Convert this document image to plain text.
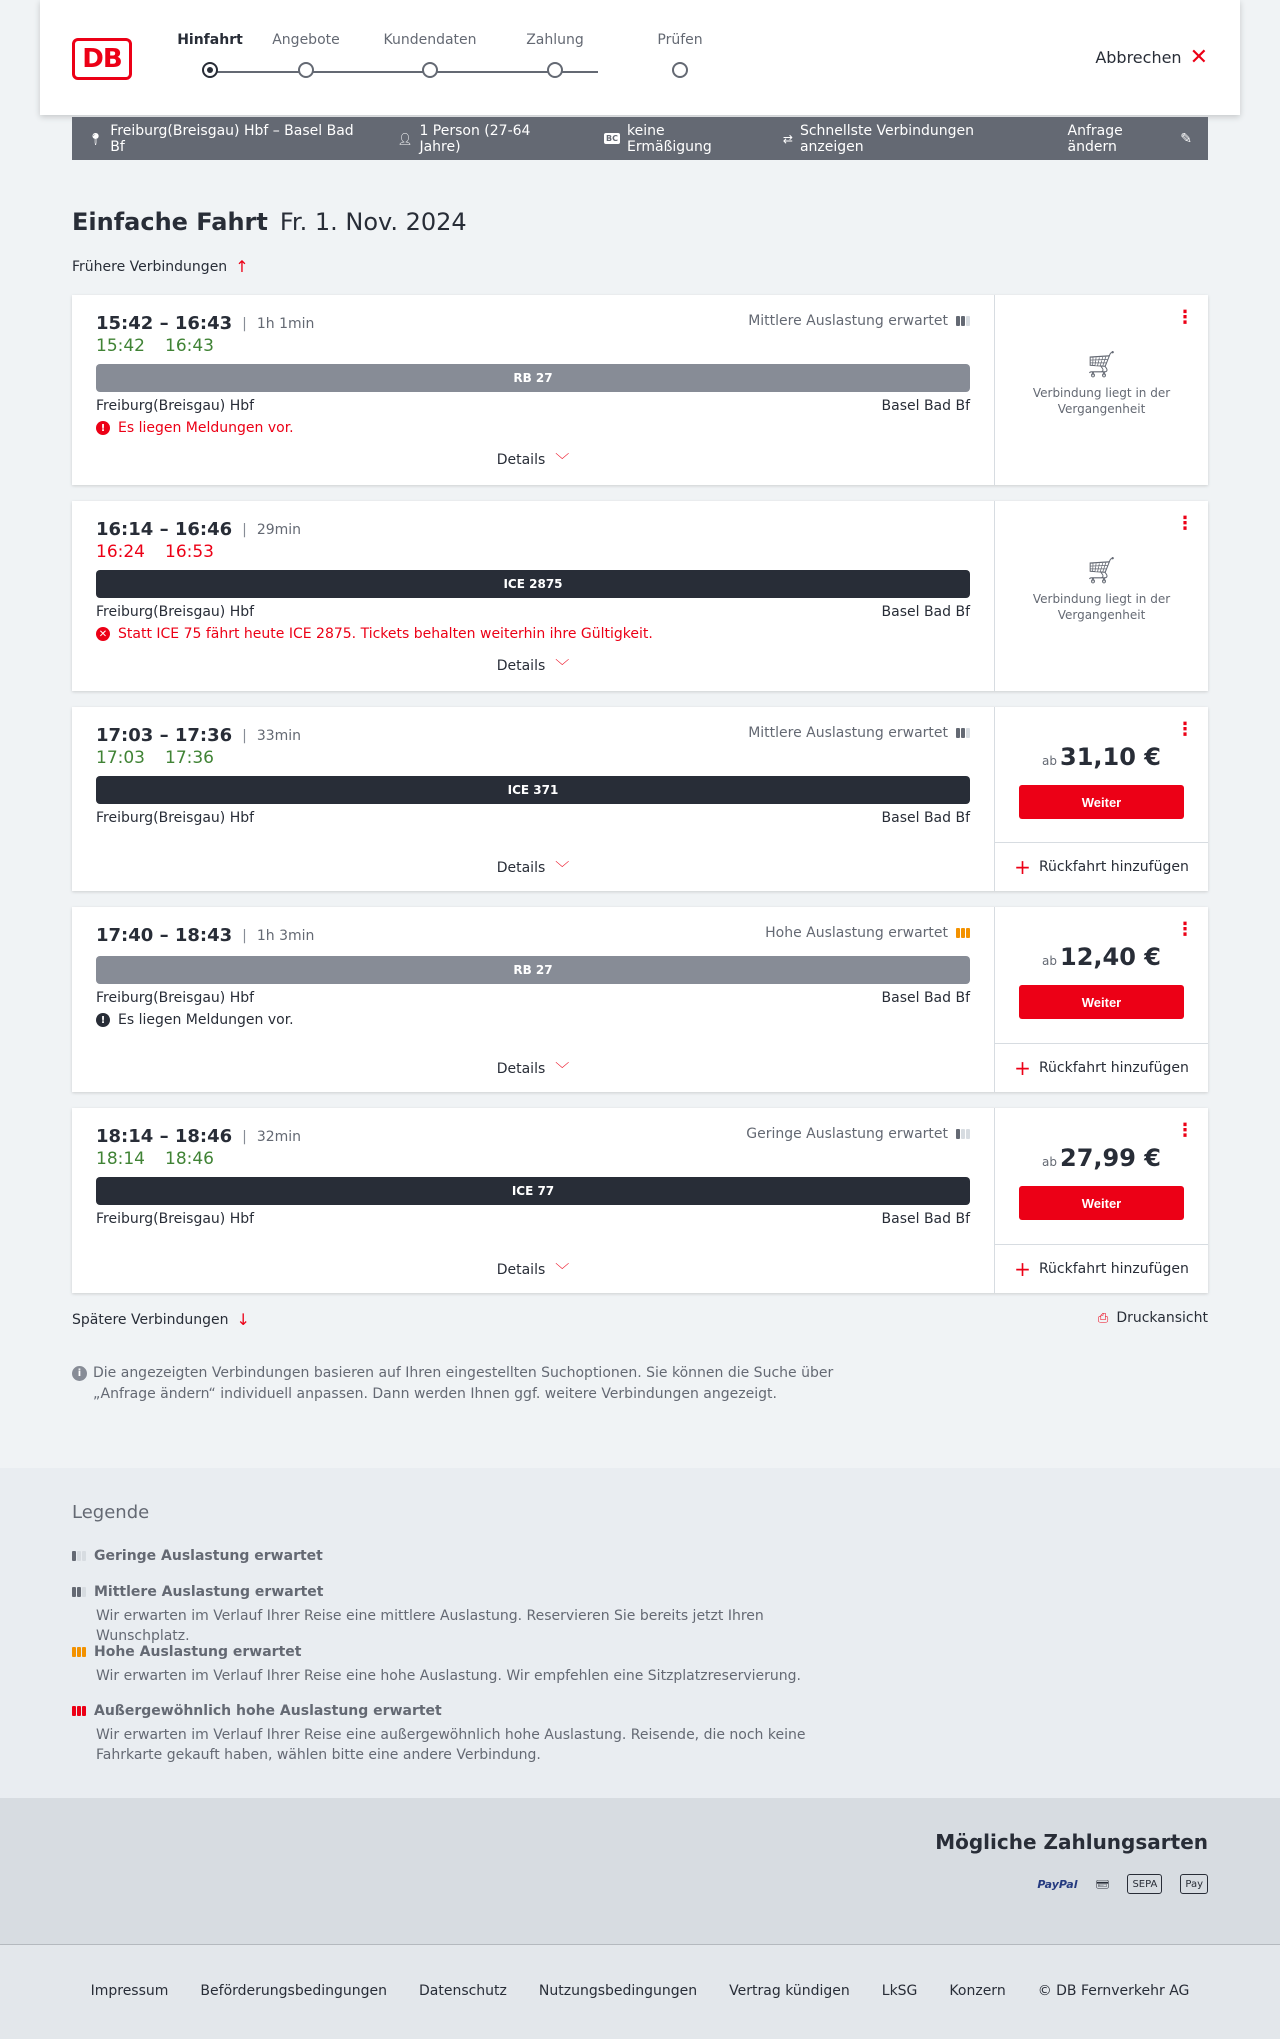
DB
Hinfahrt	Angebote	Kundendaten	Zahlung	Prüfen
Abbrechen ✕
📍︎ Freiburg(Breisgau) Hbf – Basel Bad Bf	👤︎ 1 Person (27-64 Jahre)	BC keine Ermäßigung	⇄ Schnellste Verbindungen anzeigen
Anfrage ändern	✎
Einfache Fahrt Fr. 1. Nov. 2024
Frühere Verbindungen ↑
15:42 – 16:43 | 1h 1min	Mittlere Auslastung erwartet
15:42 16:43
RB 27
Freiburg(Breisgau) Hbf	Basel Bad Bf
! Es liegen Meldungen vor.
Details ﹀
⋮
🛒︎
Verbindung liegt in der Vergangenheit
16:14 – 16:46 | 29min
16:24 16:53
ICE 2875
Freiburg(Breisgau) Hbf	Basel Bad Bf
✕ Statt ICE 75 fährt heute ICE 2875. Tickets behalten weiterhin ihre Gültigkeit.
Details ﹀
⋮
🛒︎
Verbindung liegt in der Vergangenheit
17:03 – 17:36 | 33min	Mittlere Auslastung erwartet
17:03 17:36
ICE 371
Freiburg(Breisgau) Hbf	Basel Bad Bf
Details ﹀
⋮
ab 31,10 €
Weiter
+ Rückfahrt hinzufügen
17:40 – 18:43 | 1h 3min	Hohe Auslastung erwartet
RB 27
Freiburg(Breisgau) Hbf	Basel Bad Bf
! Es liegen Meldungen vor.
Details ﹀
⋮
ab 12,40 €
Weiter
+ Rückfahrt hinzufügen
18:14 – 18:46 | 32min	Geringe Auslastung erwartet
18:14 18:46
ICE 77
Freiburg(Breisgau) Hbf	Basel Bad Bf
Details ﹀
⋮
ab 27,99 €
Weiter
+ Rückfahrt hinzufügen
Spätere Verbindungen ↓	⎙ Druckansicht
i Die angezeigten Verbindungen basieren auf Ihren eingestellten Suchoptionen. Sie können die Suche über „Anfrage ändern“ individuell anpassen. Dann werden Ihnen ggf. weitere Verbindungen angezeigt.
Legende
Geringe Auslastung erwartet
Mittlere Auslastung erwartet
Wir erwarten im Verlauf Ihrer Reise eine mittlere Auslastung. Reservieren Sie bereits jetzt Ihren Wunschplatz.
Hohe Auslastung erwartet
Wir erwarten im Verlauf Ihrer Reise eine hohe Auslastung. Wir empfehlen eine Sitzplatzreservierung.
Außergewöhnlich hohe Auslastung erwartet
Wir erwarten im Verlauf Ihrer Reise eine außergewöhnlich hohe Auslastung. Reisende, die noch keine Fahrkarte gekauft haben, wählen bitte eine andere Verbindung.
Mögliche Zahlungsarten
PayPal 💳︎	SEPA	Pay
Impressum Beförderungsbedingungen Datenschutz Nutzungsbedingungen Vertrag kündigen LkSG Konzern © DB Fernverkehr AG
